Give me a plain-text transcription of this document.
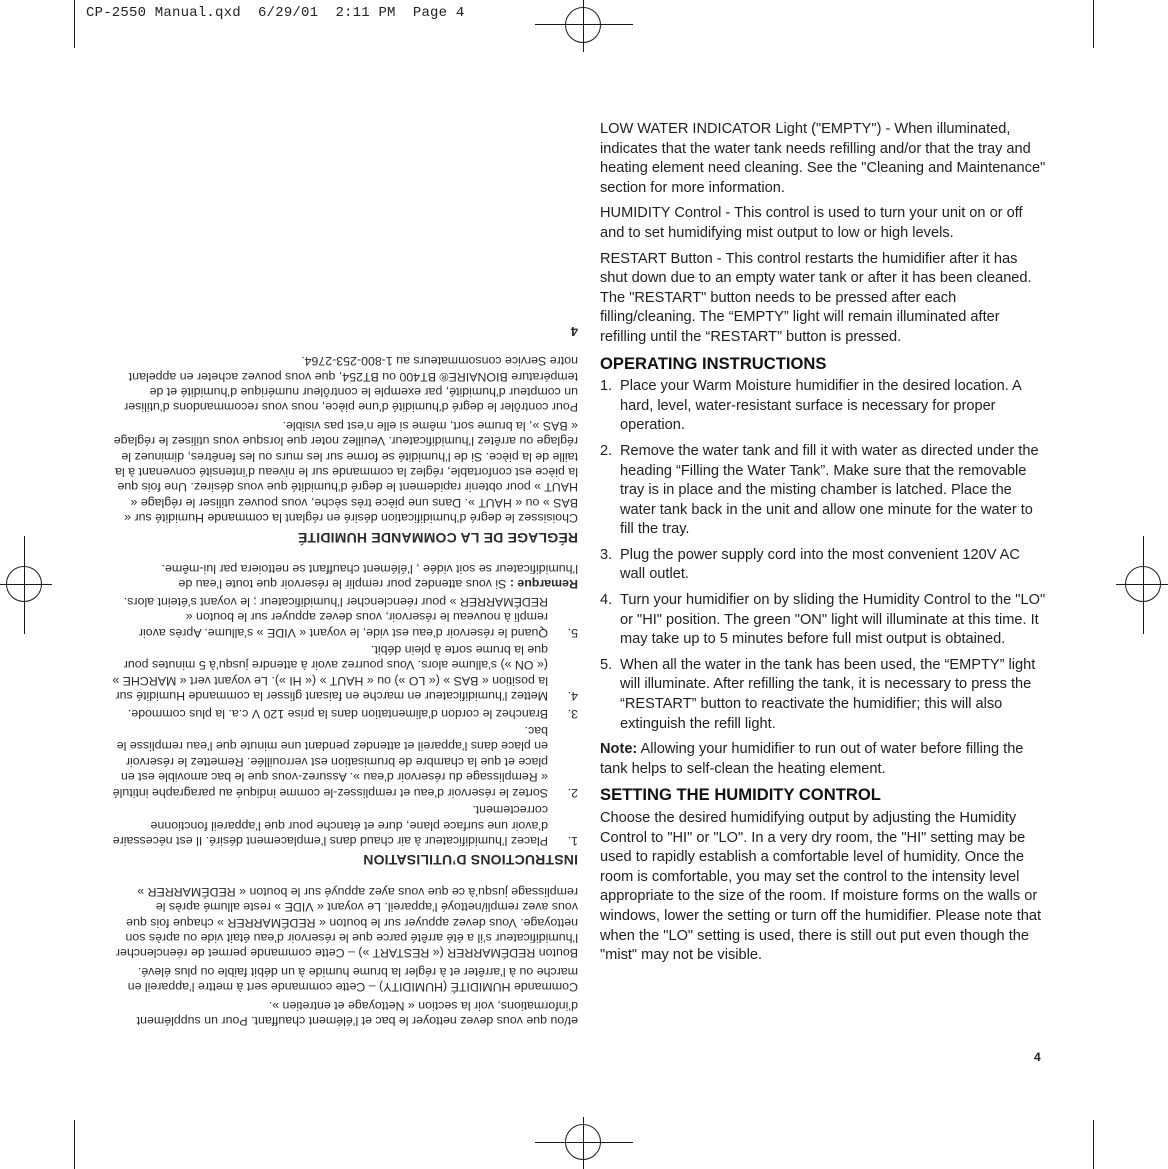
CP-2550 Manual.qxd  6/29/01  2:11 PM  Page 4

et/ou que vous devez nettoyer le bac et l’élément chauffant. Pour un supplément d’informations, voir la section « Nettoyage et entretien ».

Commande HUMIDITÉ (HUMIDITY) – Cette commande sert à mettre l’appareil en marche ou à l’arrêter et à régler la brume humide à un débit faible ou plus élevé.

Bouton REDÉMARRER (« RESTART ») – Cette commande permet de réenclencher l’humidificateur s’il a été arrêté parce que le réservoir d’eau était vide ou après son nettoyage. Vous devez appuyer sur le bouton « REDÉMARRER » chaque fois que vous avez rempli/nettoyé l’appareil. Le voyant « VIDE » reste allumé après le remplissage jusqu’à ce que vous ayez appuyé sur le bouton « REDÉMARRER »

INSTRUCTIONS D’UTILISATION
1.
Placez l’humidificateur à air chaud dans l’emplacement désiré. Il est nécessaire d’avoir une surface plane, dure et étanche pour que l’appareil fonctionne correctement.
2.
Sortez le réservoir d’eau et remplissez-le comme indiqué au paragraphe intitulé « Remplissage du réservoir d’eau ». Assurez-vous que le bac amovible est en place et que la chambre de brumisation est verrouillée. Remettez le réservoir en place dans l’appareil et attendez pendant une minute que l’eau remplisse le bac.
3.
Branchez le cordon d’alimentation dans la prise 120 V c.a. la plus commode.
4.
Mettez l’humidificateur en marche en faisant glisser la commande Humidité sur la position « BAS » (« LO ») ou « HAUT » (« HI »). Le voyant vert « MARCHE » (« ON ») s’allume alors. Vous pourrez avoir à attendre jusqu’à 5 minutes pour que la brume sorte à plein débit.
5.
Quand le réservoir d’eau est vide, le voyant « VIDE » s’allume. Après avoir rempli à nouveau le réservoir, vous devez appuyer sur le bouton « REDÉMARRER » pour réenclencher l’humidificateur ; le voyant s’éteint alors.

Remarque : Si vous attendez pour remplir le réservoir que toute l’eau de l’humidificateur se soit vidée , l’élément chauffant se nettoiera par lui-même.

RÉGLAGE DE LA COMMANDE HUMIDITÉ

Choisissez le degré d’humidification désiré en réglant la commande Humidité sur « BAS » ou « HAUT ». Dans une pièce très sèche, vous pouvez utiliser le réglage « HAUT » pour obtenir rapidement le degré d’humidité que vous désirez. Une fois que la pièce est confortable, réglez la commande sur le niveau d’intensité convenant à la taille de la pièce. Si de l’humidité se forme sur les murs ou les fenêtres, diminuez le réglage ou arrêtez l’humidificateur. Veuillez noter que lorsque vous utilisez le réglage « BAS », la brume sort, même si elle n’est pas visible.

Pour contrôler le degré d’humidité d’une pièce, nous vous recommandons d’utiliser un compteur d’humidité, par exemple le contrôleur numérique d’humidité et de température BIONAIRE® BT400 ou BT254, que vous pouvez acheter en appelant notre Service consommateurs au 1-800-253-2764.

4

LOW WATER INDICATOR Light ("EMPTY") - When illuminated, indicates that the water tank needs refilling and/or that the tray and heating element need cleaning. See the "Cleaning and Maintenance" section for more information.

HUMIDITY Control - This control is used to turn your unit on or off and to set humidifying mist output to low or high levels.

RESTART Button - This control restarts the humidifier after it has shut down due to an empty water tank or after it has been cleaned. The "RESTART" button needs to be pressed after each filling/cleaning. The “EMPTY” light will remain illuminated after refilling until the “RESTART” button is pressed.

OPERATING INSTRUCTIONS
1. Place your Warm Moisture humidifier in the desired location. A hard, level, water-resistant surface is necessary for proper operation.
2. Remove the water tank and fill it with water as directed under the heading “Filling the Water Tank”. Make sure that the removable tray is in place and the misting chamber is latched. Place the water tank back in the unit and allow one minute for the water to fill the tray.
3. Plug the power supply cord into the most convenient 120V AC wall outlet.
4. Turn your humidifier on by sliding the Humidity Control to the "LO" or "HI" position. The green "ON" light will illuminate at this time. It may take up to 5 minutes before full mist output is obtained.
5. When all the water in the tank has been used, the “EMPTY” light will illuminate. After refilling the tank, it is necessary to press the “RESTART” button to reactivate the humidifier; this will also extinguish the refill light.

Note: Allowing your humidifier to run out of water before filling the tank helps to self-clean the heating element.

SETTING THE HUMIDITY CONTROL

Choose the desired humidifying output by adjusting the Humidity Control to "HI" or "LO". In a very dry room, the "HI" setting may be used to rapidly establish a comfortable level of humidity. Once the room is comfortable, you may set the control to the intensity level appropriate to the size of the room. If moisture forms on the walls or windows, lower the setting or turn off the humidifier. Please note that when the "LO" setting is used, there is still out put even though the "mist" may not be visible.

4
